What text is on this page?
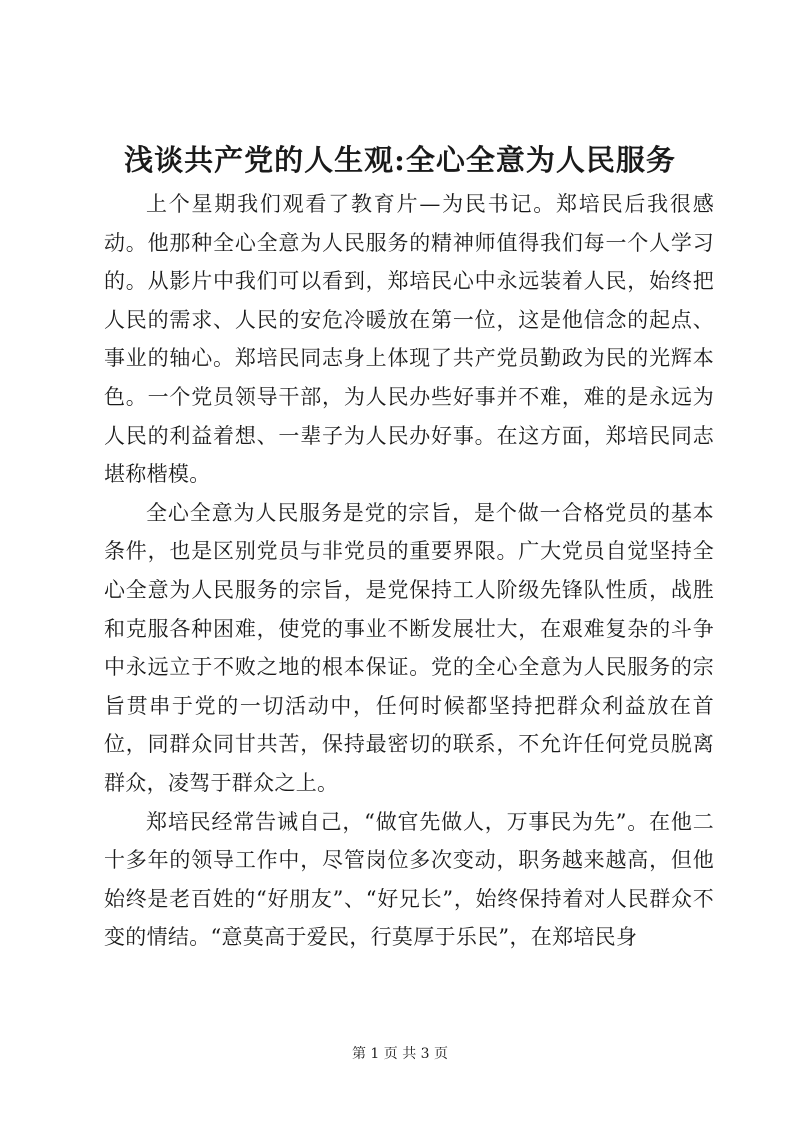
浅谈共产党的人生观:全心全意为人民服务

上个星期我们观看了教育片—为民书记。郑培民后我很感动。他那种全心全意为人民服务的精神师值得我们每一个人学习的。从影片中我们可以看到，郑培民心中永远装着人民，始终把人民的需求、人民的安危冷暖放在第一位，这是他信念的起点、事业的轴心。郑培民同志身上体现了共产党员勤政为民的光辉本色。一个党员领导干部，为人民办些好事并不难，难的是永远为人民的利益着想、一辈子为人民办好事。在这方面，郑培民同志堪称楷模。

全心全意为人民服务是党的宗旨，是个做一合格党员的基本条件，也是区别党员与非党员的重要界限。广大党员自觉坚持全心全意为人民服务的宗旨，是党保持工人阶级先锋队性质，战胜和克服各种困难，使党的事业不断发展壮大，在艰难复杂的斗争中永远立于不败之地的根本保证。党的全心全意为人民服务的宗旨贯串于党的一切活动中，任何时候都坚持把群众利益放在首位，同群众同甘共苦，保持最密切的联系，不允许任何党员脱离群众，凌驾于群众之上。

郑培民经常告诫自己，“做官先做人，万事民为先”。在他二十多年的领导工作中，尽管岗位多次变动，职务越来越高，但他始终是老百姓的“好朋友”、“好兄长”，始终保持着对人民群众不变的情结。“意莫高于爱民，行莫厚于乐民”，在郑培民身

第 1 页 共 3 页
